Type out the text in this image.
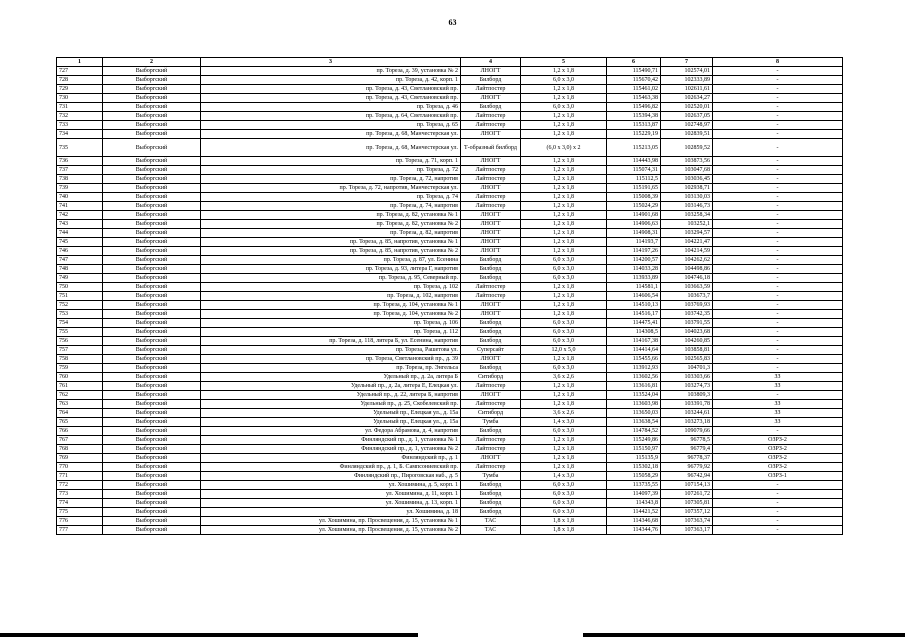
63
1	2	3	4	5	6	7	8
727	Выборгский	пр. Тореза, д. 39, установка № 2	ЛНОГТ	1,2 x 1,8	115490,71	102574,01	-
728	Выборгский	пр. Тореза, д. 42, корп. 1	Билборд	6,0 x 3,0	115670,42	102333,89	-
729	Выборгский	пр. Тореза, д. 43, Светлановский пр.	Лайтпостер	1,2 x 1,8	115461,02	102611,61	-
730	Выборгский	пр. Тореза, д. 43, Светлановский пр.	ЛНОГТ	1,2 x 1,8	115463,38	102634,27	-
731	Выборгский	пр. Тореза, д. 46	Билборд	6,0 x 3,0	115496,82	102520,01	-
732	Выборгский	пр. Тореза, д. 64, Светлановский пр.	Лайтпостер	1,2 x 1,8	115394,38	102637,05	-
733	Выборгский	пр. Тореза, д. 65	Лайтпостер	1,2 x 1,8	115313,87	102748,97	-
734	Выборгский	пр. Тореза, д. 68, Манчестерская ул.	ЛНОГТ	1,2 x 1,8	115229,19	102839,51	-
735	Выборгский	пр. Тореза, д. 68, Манчестерская ул.	Т-образный билборд	(6,0 x 3,0) x 2	115213,05	102859,52	-
736	Выборгский	пр. Тореза, д. 71, корп. 1	ЛНОГТ	1,2 x 1,8	114443,98	103873,56	-
737	Выборгский	пр. Тореза, д. 72	Лайтпостер	1,2 x 1,8	115074,31	103047,68	-
738	Выборгский	пр. Тореза, д. 72, напротив	Лайтпостер	1,2 x 1,8	115112,5	103036,45	-
739	Выборгский	пр. Тореза, д. 72, напротив, Манчестерская ул.	ЛНОГТ	1,2 x 1,8	115191,65	102938,71	-
740	Выборгский	пр. Тореза, д. 74	Лайтпостер	1,2 x 1,8	115008,39	103130,03	-
741	Выборгский	пр. Тореза, д. 74, напротив	Лайтпостер	1,2 x 1,8	115024,29	103146,73	-
742	Выборгский	пр. Тореза, д. 82, установка № 1	ЛНОГТ	1,2 x 1,8	114901,68	103258,34	-
743	Выборгский	пр. Тореза, д. 82, установка № 2	ЛНОГТ	1,2 x 1,8	114906,63	103252,1	-
744	Выборгский	пр. Тореза, д. 82, напротив	ЛНОГТ	1,2 x 1,8	114908,31	103294,57	-
745	Выборгский	пр. Тореза, д. 85, напротив, установка № 1	ЛНОГТ	1,2 x 1,8	114193,7	104221,47	-
746	Выборгский	пр. Тореза, д. 85, напротив, установка № 2	ЛНОГТ	1,2 x 1,8	114197,26	104214,59	-
747	Выборгский	пр. Тореза, д. 87, ул. Есенина	Билборд	6,0 x 3,0	114200,57	104262,62	-
748	Выборгский	пр. Тореза, д. 93, литера Г, напротив	Билборд	6,0 x 3,0	114033,28	104498,86	-
749	Выборгский	пр. Тореза, д. 95, Северный пр.	Билборд	6,0 x 3,0	113933,89	104746,18	-
750	Выборгский	пр. Тореза, д. 102	Лайтпостер	1,2 x 1,8	114581,1	103663,59	-
751	Выборгский	пр. Тореза, д. 102, напротив	Лайтпостер	1,2 x 1,8	114606,54	103673,7	-
752	Выборгский	пр. Тореза, д. 104, установка № 1	ЛНОГТ	1,2 x 1,8	114510,13	103769,93	-
753	Выборгский	пр. Тореза, д. 104, установка № 2	ЛНОГТ	1,2 x 1,8	114516,17	103742,35	-
754	Выборгский	пр. Тореза, д. 106	Билборд	6,0 x 3,0	114475,41	103791,55	-
755	Выборгский	пр. Тореза, д. 112	Билборд	6,0 x 3,0	114308,5	104023,68	-
756	Выборгский	пр. Тореза, д. 118, литера Б, ул. Есенина, напротив	Билборд	6,0 x 3,0	114167,38	104260,85	-
757	Выборгский	пр. Тореза, Рашетова ул.	Суперсайт	12,0 x 5,0	114414,64	103858,81	-
758	Выборгский	пр. Тореза, Светлановский пр., д. 39	ЛНОГТ	1,2 x 1,8	115455,66	102565,83	-
759	Выборгский	пр. Тореза, пр. Энгельса	Билборд	6,0 x 3,0	113912,93	104701,3	-
760	Выборгский	Удельный пр., д. 2а, литера Б	Ситиборд	3,6 x 2,6	113602,56	103303,66	ЗЗ
761	Выборгский	Удельный пр., д. 2а, литера Е, Елецкая ул.	Лайтпостер	1,2 x 1,8	113616,81	103274,73	ЗЗ
762	Выборгский	Удельный пр., д. 22, литера Б, напротив	ЛНОГТ	1,2 x 1,8	113524,04	103809,3	-
763	Выборгский	Удельный пр., д. 25, Скобелевский пр.	Лайтпостер	1,2 x 1,8	113603,98	103391,78	ЗЗ
764	Выборгский	Удельный пр., Елецкая ул., д. 15а	Ситиборд	3,6 x 2,6	113650,03	103244,61	ЗЗ
765	Выборгский	Удельный пр., Елецкая ул., д. 15а	Тумба	1,4 x 3,0	113638,54	103273,18	ЗЗ
766	Выборгский	ул. Федора Абрамова, д. 4, напротив	Билборд	6,0 x 3,0	114784,52	109079,66	-
767	Выборгский	Финляндский пр., д. 1, установка № 1	Лайтпостер	1,2 x 1,8	115249,86	96778,5	ОЗРЗ-2
768	Выборгский	Финляндский пр., д. 1, установка № 2	Лайтпостер	1,2 x 1,8	115150,97	96779,4	ОЗРЗ-2
769	Выборгский	Финляндский пр., д. 1	ЛНОГТ	1,2 x 1,8	115135,9	96778,37	ОЗРЗ-2
770	Выборгский	Финляндский пр., д. 1, Б. Сампсониевский пр.	Лайтпостер	1,2 x 1,8	115302,18	96779,92	ОЗРЗ-2
771	Выборгский	Финляндский пр., Пироговская наб., д. 5	Тумба	1,4 x 3,0	115058,29	96742,94	ОЗРЗ-1
772	Выборгский	ул. Хошимина, д. 5, корп. 1	Билборд	6,0 x 3,0	113735,55	107154,13	-
773	Выборгский	ул. Хошимина, д. 11, корп. 1	Билборд	6,0 x 3,0	114097,39	107261,72	-
774	Выборгский	ул. Хошимина, д. 13, корп. 1	Билборд	6,0 x 3,0	114343,8	107305,81	-
775	Выборгский	ул. Хошимина, д. 18	Билборд	6,0 x 3,0	114421,52	107357,12	-
776	Выборгский	ул. Хошимина, пр. Просвещения, д. 15, установка № 1	ТАС	1,8 x 1,8	114346,68	107363,74	-
777	Выборгский	ул. Хошимина, пр. Просвещения, д. 15, установка № 2	ТАС	1,8 x 1,8	114344,76	107363,17	-
